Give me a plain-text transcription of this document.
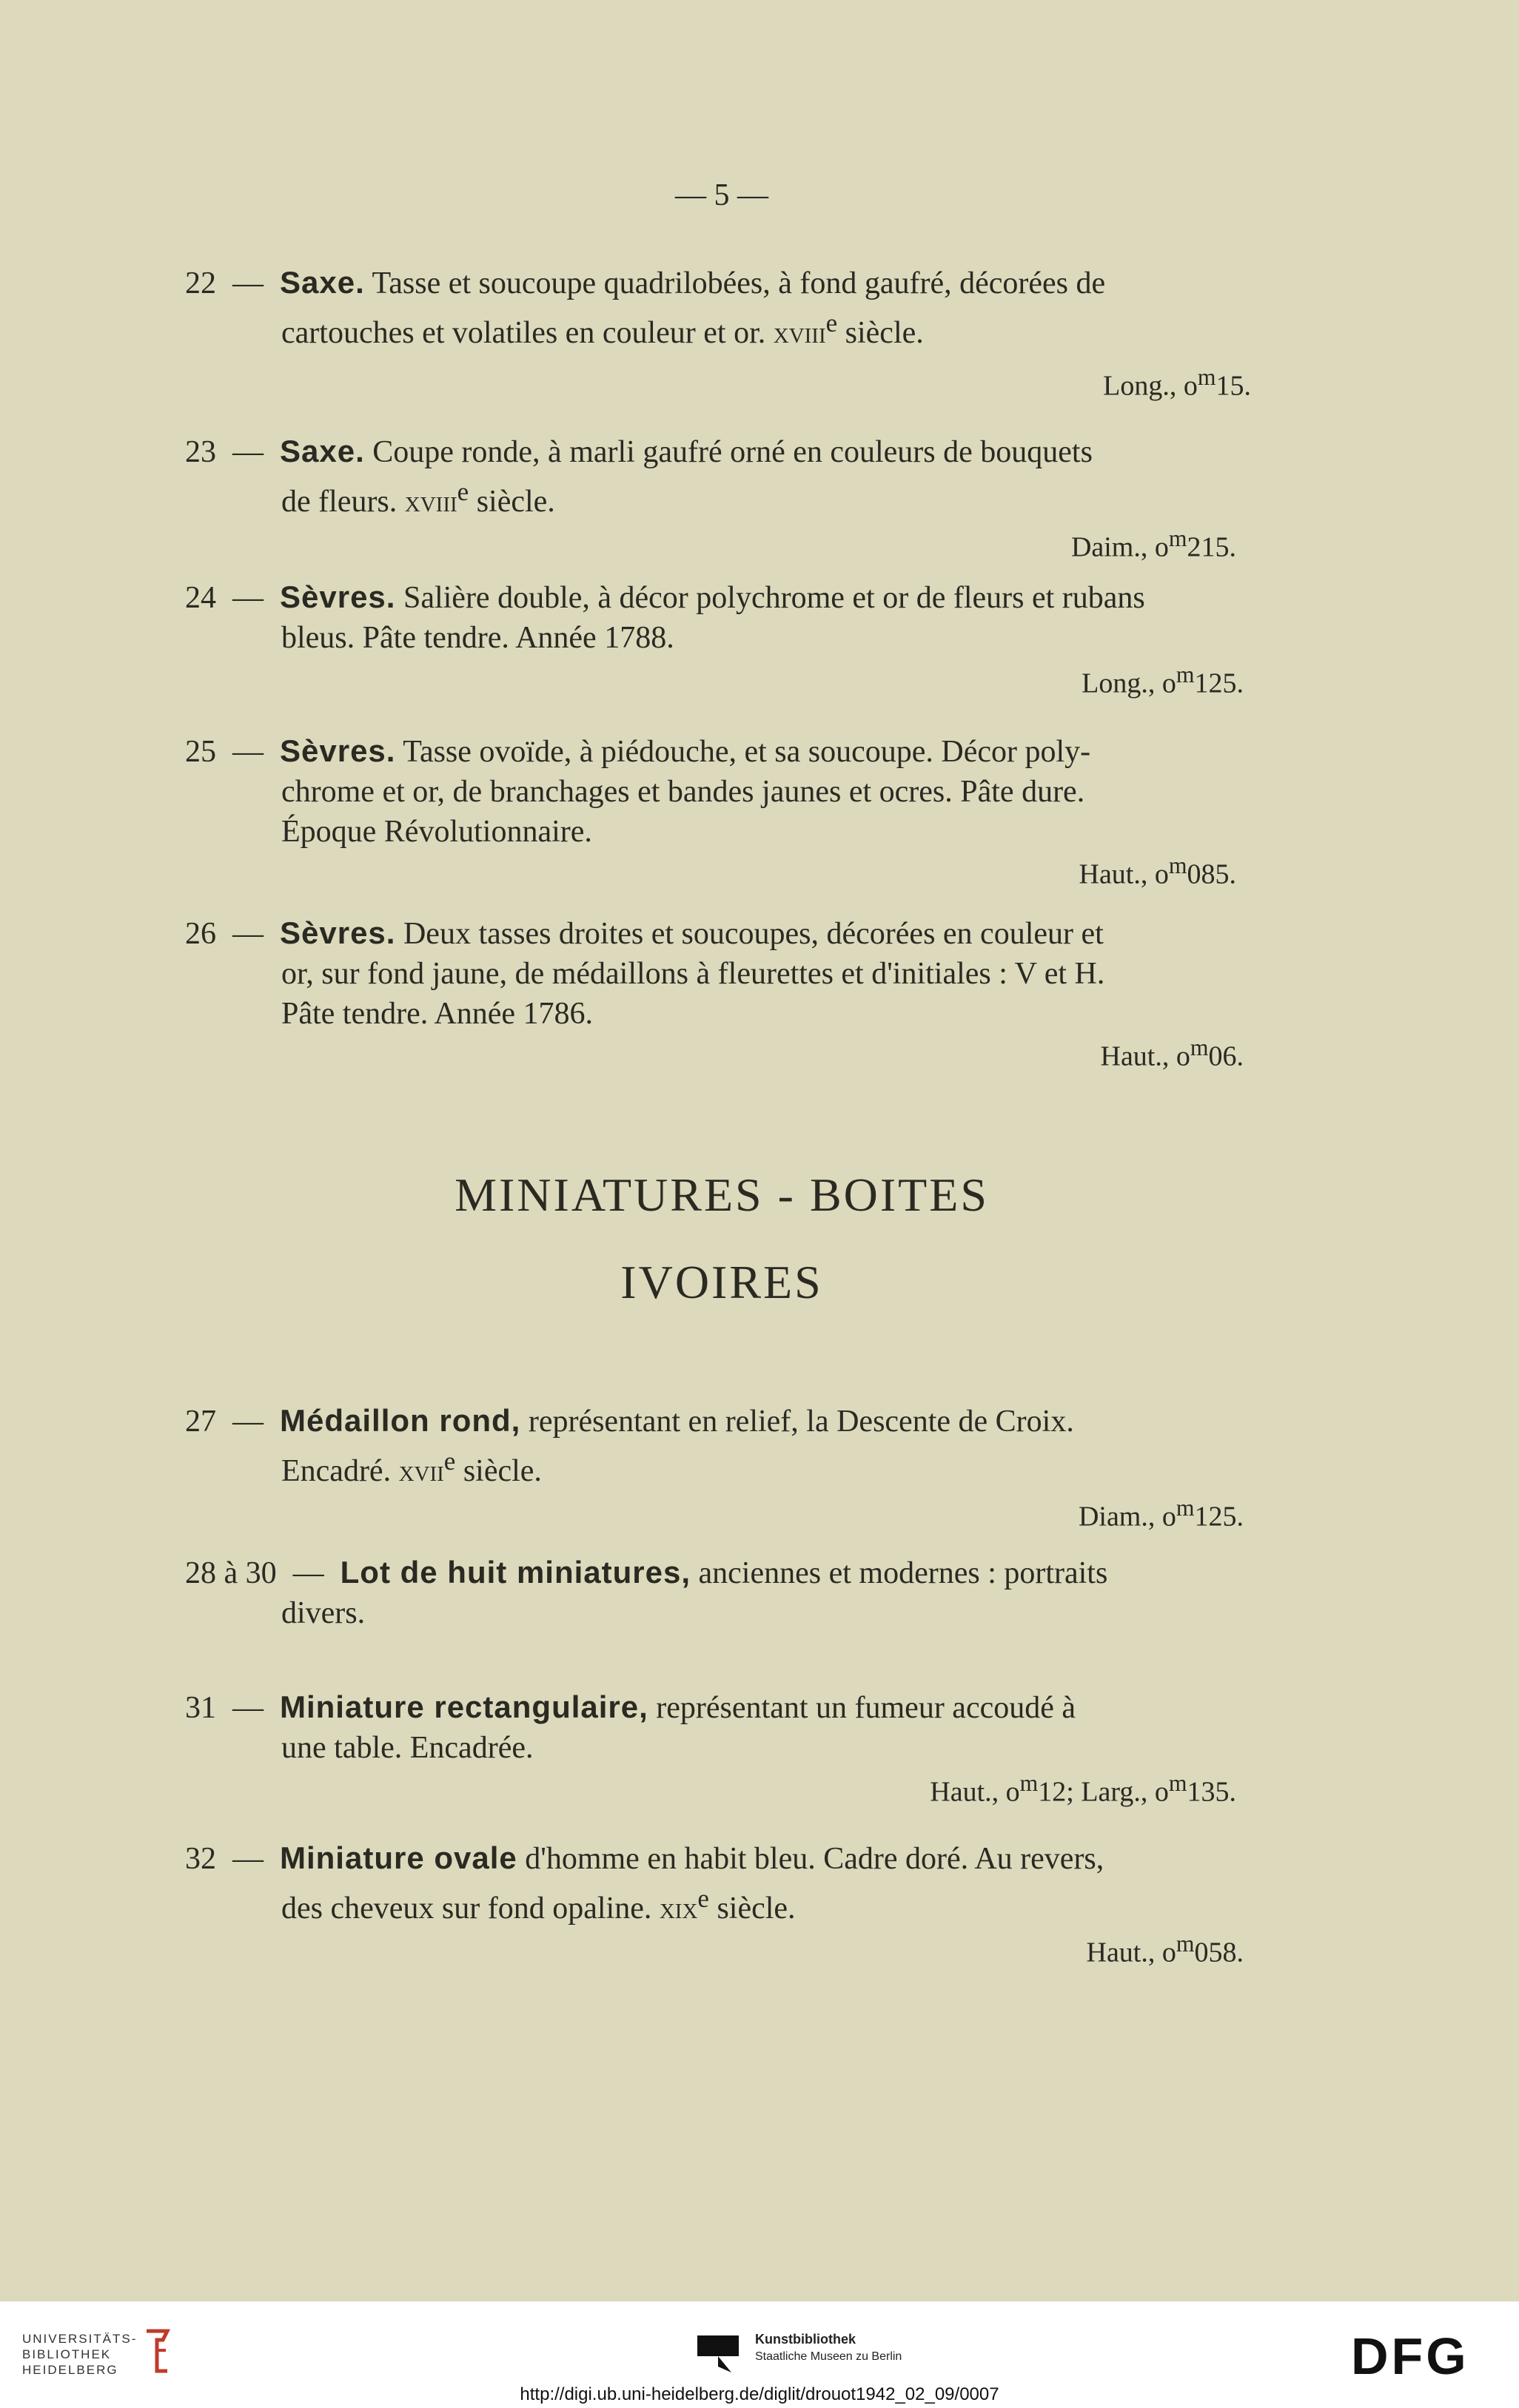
— 5 —
22 — Saxe. Tasse et soucoupe quadrilobées, à fond gaufré, décorées de
cartouches et volatiles en couleur et or. xviii$^e$ siècle.
Long., $o^m15$.
23 — Saxe. Coupe ronde, à marli gaufré orné en couleurs de bouquets
de fleurs. xviii$^e$ siècle.
Daim., $o^m215$.
24 — Sèvres. Salière double, à décor polychrome et or de fleurs et rubans
bleus. Pâte tendre. Année 1788.
Long., $o^m125$.
25 — Sèvres. Tasse ovoïde, à piédouche, et sa soucoupe. Décor poly-
chrome et or, de branchages et bandes jaunes et ocres. Pâte dure.
Époque Révolutionnaire.
Haut., $o^m085$.
26 — Sèvres. Deux tasses droites et soucoupes, décorées en couleur et
or, sur fond jaune, de médaillons à fleurettes et d'initiales : V et H.
Pâte tendre. Année 1786.
Haut., $o^m06$.
MINIATURES - BOITES
IVOIRES
27 — Médaillon rond, représentant en relief, la Descente de Croix.
Encadré. xvii$^e$ siècle.
Diam., $o^m125$.
28 à 30 — Lot de huit miniatures, anciennes et modernes : portraits
divers.
31 — Miniature rectangulaire, représentant un fumeur accoudé à
une table. Encadrée.
Haut., $o^m12$; Larg., $o^m135$.
32 — Miniature ovale d'homme en habit bleu. Cadre doré. Au revers,
des cheveux sur fond opaline. xix$^e$ siècle.
Haut., $o^m058$.
UNIVERSITÄTS-
BIBLIOTHEK
HEIDELBERG
Kunstbibliothek
Staatliche Museen zu Berlin	DFG
http://digi.ub.uni-heidelberg.de/diglit/drouot1942_02_09/0007
